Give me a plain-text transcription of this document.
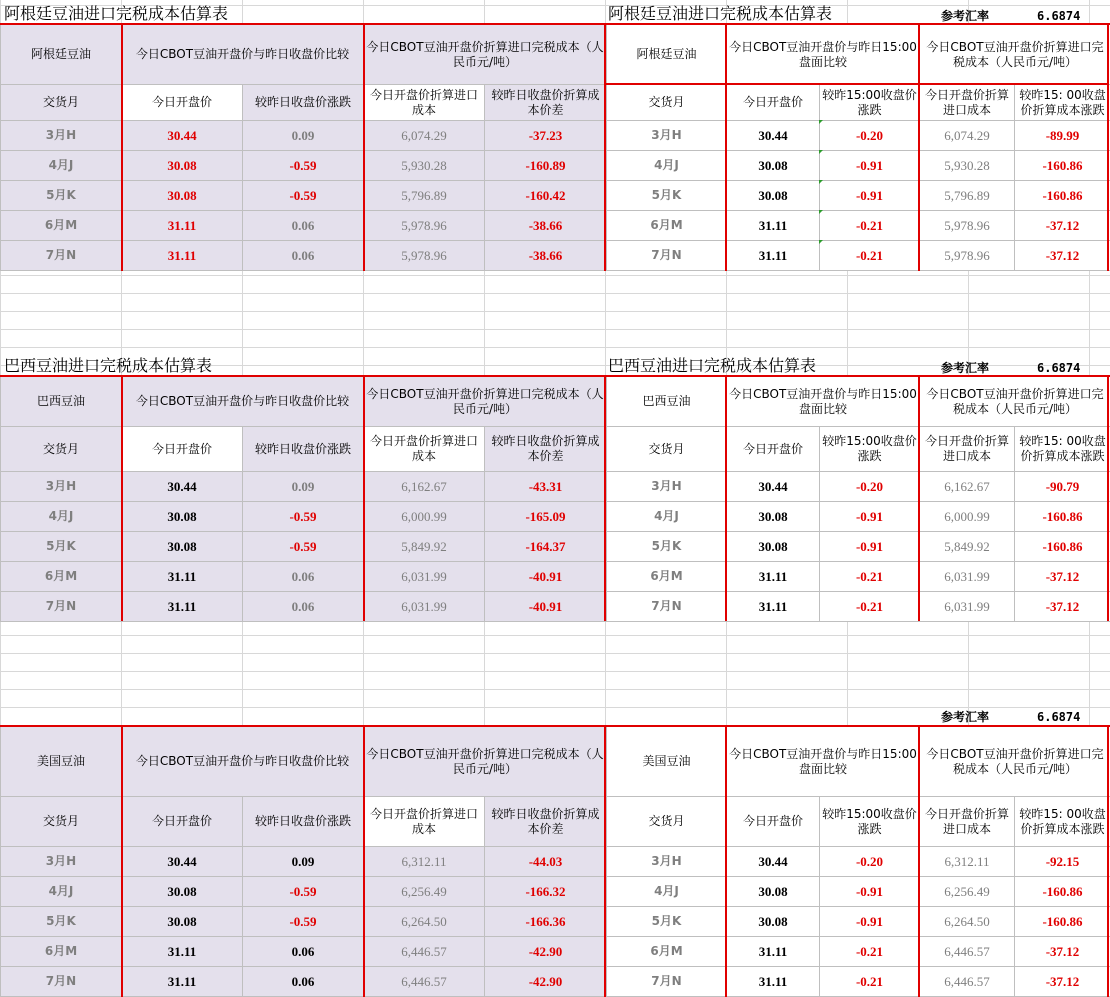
阿根廷豆油进口完税成本估算表	阿根廷豆油进口完税成本估算表	参考汇率	6.6874
阿根廷豆油	今日CBOT豆油开盘价与昨日收盘价比较		今日CBOT豆油开盘价折算进口完税成本（人民币元/吨）	
交货月	今日开盘价	较昨日收盘价涨跌	今日开盘价折算进口成本	较昨日收盘价折算成本价差
3月H	30.44	0.09	6,074.29	-37.23
4月J	30.08	-0.59	5,930.28	-160.89
5月K	30.08	-0.59	5,796.89	-160.42
6月M	31.11	0.06	5,978.96	-38.66
7月N	31.11	0.06	5,978.96	-38.66
阿根廷豆油	今日CBOT豆油开盘价与昨日15:00盘面比较		今日CBOT豆油开盘价折算进口完税成本（人民币元/吨）	
交货月	今日开盘价	较昨15:00收盘价涨跌	今日开盘价折算进口成本	较昨15: 00收盘价折算成本涨跌
3月H	30.44	-0.20	6,074.29	-89.99
4月J	30.08	-0.91	5,930.28	-160.86
5月K	30.08	-0.91	5,796.89	-160.86
6月M	31.11	-0.21	5,978.96	-37.12
7月N	31.11	-0.21	5,978.96	-37.12
巴西豆油进口完税成本估算表	巴西豆油进口完税成本估算表	参考汇率	6.6874
巴西豆油	今日CBOT豆油开盘价与昨日收盘价比较		今日CBOT豆油开盘价折算进口完税成本（人民币元/吨）	
交货月	今日开盘价	较昨日收盘价涨跌	今日开盘价折算进口成本	较昨日收盘价折算成本价差
3月H	30.44	0.09	6,162.67	-43.31
4月J	30.08	-0.59	6,000.99	-165.09
5月K	30.08	-0.59	5,849.92	-164.37
6月M	31.11	0.06	6,031.99	-40.91
7月N	31.11	0.06	6,031.99	-40.91
巴西豆油	今日CBOT豆油开盘价与昨日15:00盘面比较		今日CBOT豆油开盘价折算进口完税成本（人民币元/吨）	
交货月	今日开盘价	较昨15:00收盘价涨跌	今日开盘价折算进口成本	较昨15: 00收盘价折算成本涨跌
3月H	30.44	-0.20	6,162.67	-90.79
4月J	30.08	-0.91	6,000.99	-160.86
5月K	30.08	-0.91	5,849.92	-160.86
6月M	31.11	-0.21	6,031.99	-37.12
7月N	31.11	-0.21	6,031.99	-37.12
参考汇率	6.6874
美国豆油	今日CBOT豆油开盘价与昨日收盘价比较		今日CBOT豆油开盘价折算进口完税成本（人民币元/吨）	
交货月	今日开盘价	较昨日收盘价涨跌	今日开盘价折算进口成本	较昨日收盘价折算成本价差
3月H	30.44	0.09	6,312.11	-44.03
4月J	30.08	-0.59	6,256.49	-166.32
5月K	30.08	-0.59	6,264.50	-166.36
6月M	31.11	0.06	6,446.57	-42.90
7月N	31.11	0.06	6,446.57	-42.90
美国豆油	今日CBOT豆油开盘价与昨日15:00盘面比较		今日CBOT豆油开盘价折算进口完税成本（人民币元/吨）	
交货月	今日开盘价	较昨15:00收盘价涨跌	今日开盘价折算进口成本	较昨15: 00收盘价折算成本涨跌
3月H	30.44	-0.20	6,312.11	-92.15
4月J	30.08	-0.91	6,256.49	-160.86
5月K	30.08	-0.91	6,264.50	-160.86
6月M	31.11	-0.21	6,446.57	-37.12
7月N	31.11	-0.21	6,446.57	-37.12
